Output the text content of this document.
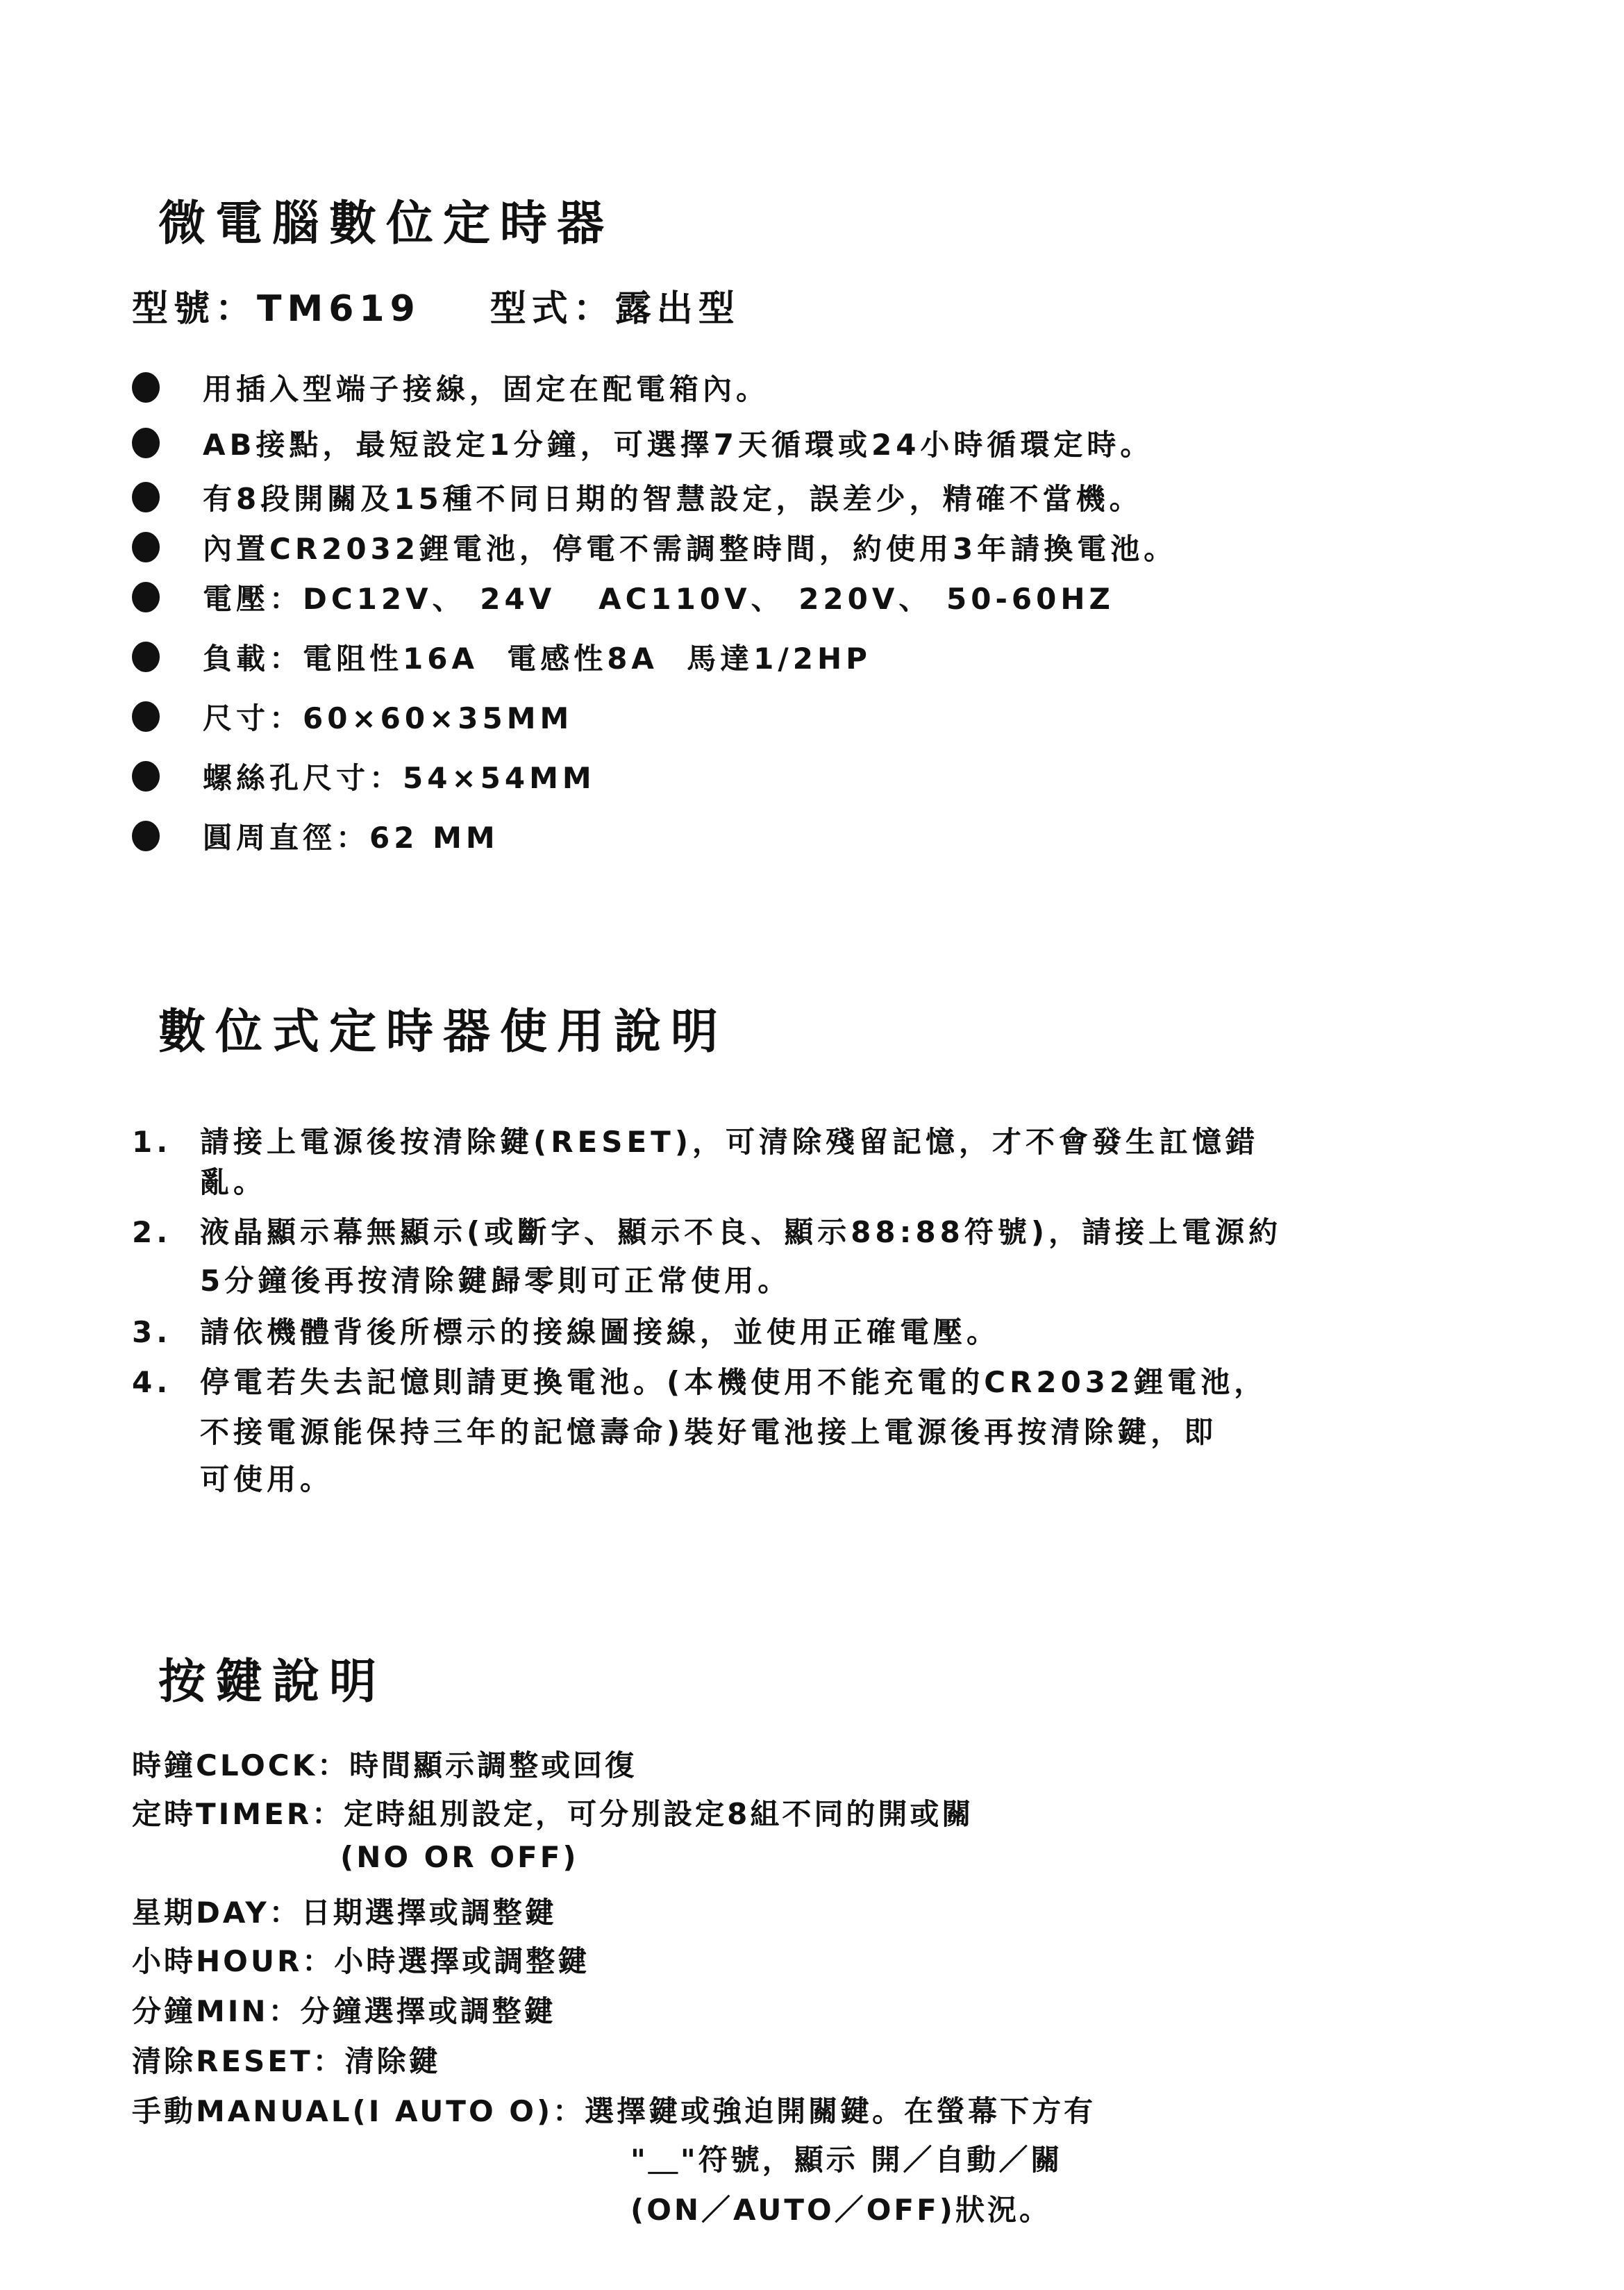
微電腦數位定時器
型號：TM619 型式：露出型
用插入型端子接線，固定在配電箱內。
AB接點，最短設定1分鐘，可選擇7天循環或24小時循環定時。
有8段開關及15種不同日期的智慧設定，誤差少，精確不當機。
內置CR2032鋰電池，停電不需調整時間，約使用3年請換電池。
電壓：DC12V、 24V   AC110V、 220V、 50-60HZ
負載：電阻性16A  電感性8A  馬達1/2HP
尺寸：60×60×35MM
螺絲孔尺寸：54×54MM
圓周直徑：62 MM
數位式定時器使用說明
1. 請接上電源後按清除鍵(RESET)，可清除殘留記憶，才不會發生訌憶錯
亂。
2. 液晶顯示幕無顯示(或斷字、顯示不良、顯示88:88符號)，請接上電源約
5分鐘後再按清除鍵歸零則可正常使用。
3. 請依機體背後所標示的接線圖接線，並使用正確電壓。
4. 停電若失去記憶則請更換電池。(本機使用不能充電的CR2032鋰電池，
不接電源能保持三年的記憶壽命)裝好電池接上電源後再按清除鍵，即
可使用。
按鍵說明
時鐘CLOCK：時間顯示調整或回復
定時TIMER：定時組別設定，可分別設定8組不同的開或關
(NO OR OFF)
星期DAY：日期選擇或調整鍵
小時HOUR：小時選擇或調整鍵
分鐘MIN：分鐘選擇或調整鍵
清除RESET：清除鍵
手動MANUAL(I AUTO O)：選擇鍵或強迫開關鍵。在螢幕下方有
"＿"符號，顯示 開／自動／關
(ON／AUTO／OFF)狀況。
